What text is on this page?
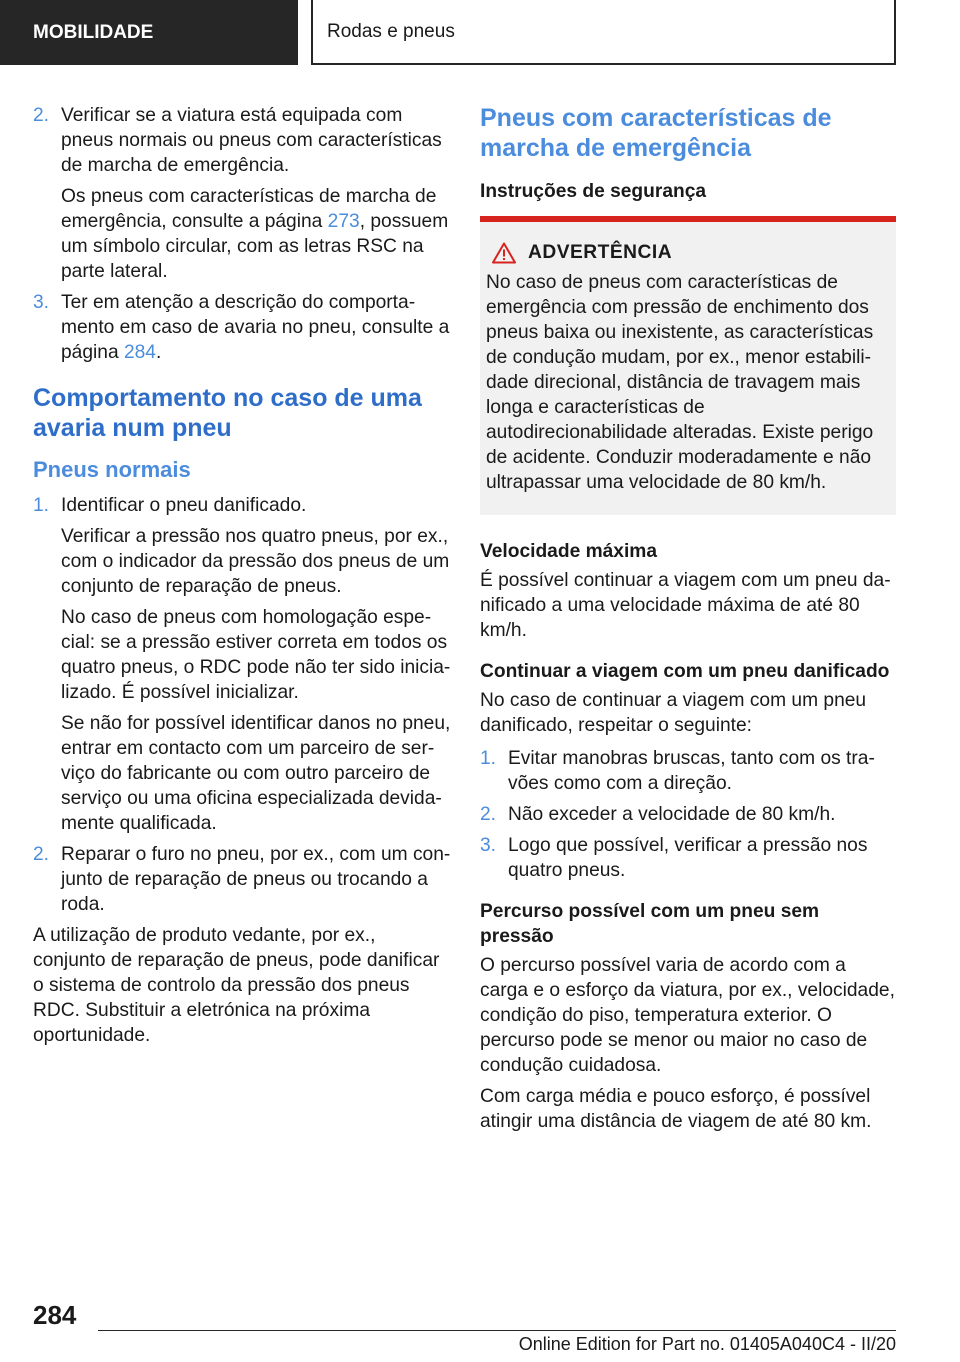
MOBILIDADE	Rodas e pneus
2. Verificar se a viatura está equipada com pneus normais ou pneus com características de marcha de emergência.

Os pneus com características de marcha de emergência, consulte a página 273, possuem um símbolo circular, com as letras RSC na parte lateral.

3. Ter em atenção a descrição do comportamento em caso de avaria no pneu, consulte a página 284.

Comportamento no caso de uma avaria num pneu
Pneus normais
1. Identificar o pneu danificado.

Verificar a pressão nos quatro pneus, por ex., com o indicador da pressão dos pneus de um conjunto de reparação de pneus.

No caso de pneus com homologação especial: se a pressão estiver correta em todos os quatro pneus, o RDC pode não ter sido inicializado. É possível inicializar.

Se não for possível identificar danos no pneu, entrar em contacto com um parceiro de serviço do fabricante ou com outro parceiro de serviço ou uma oficina especializada devidamente qualificada.

2. Reparar o furo no pneu, por ex., com um conjunto de reparação de pneus ou trocando a roda.

A utilização de produto vedante, por ex., conjunto de reparação de pneus, pode danificar o sistema de controlo da pressão dos pneus RDC. Substituir a eletrónica na próxima oportunidade.

Pneus com características de marcha de emergência
Instruções de segurança
ADVERTÊNCIA

No caso de pneus com características de emergência com pressão de enchimento dos pneus baixa ou inexistente, as características de condução mudam, por ex., menor estabilidade direcional, distância de travagem mais longa e características de autodirecionabilidade alteradas. Existe perigo de acidente. Conduzir moderadamente e não ultrapassar uma velocidade de 80 km/h.

Velocidade máxima

É possível continuar a viagem com um pneu danificado a uma velocidade máxima de até 80 km/h.

Continuar a viagem com um pneu danificado

No caso de continuar a viagem com um pneu danificado, respeitar o seguinte:

1. Evitar manobras bruscas, tanto com os travões como com a direção.

2. Não exceder a velocidade de 80 km/h.

3. Logo que possível, verificar a pressão nos quatro pneus.

Percurso possível com um pneu sem pressão

O percurso possível varia de acordo com a carga e o esforço da viatura, por ex., velocidade, condição do piso, temperatura exterior. O percurso pode se menor ou maior no caso de condução cuidadosa.

Com carga média e pouco esforço, é possível atingir uma distância de viagem de até 80 km.

284
Online Edition for Part no. 01405A040C4 - II/20
